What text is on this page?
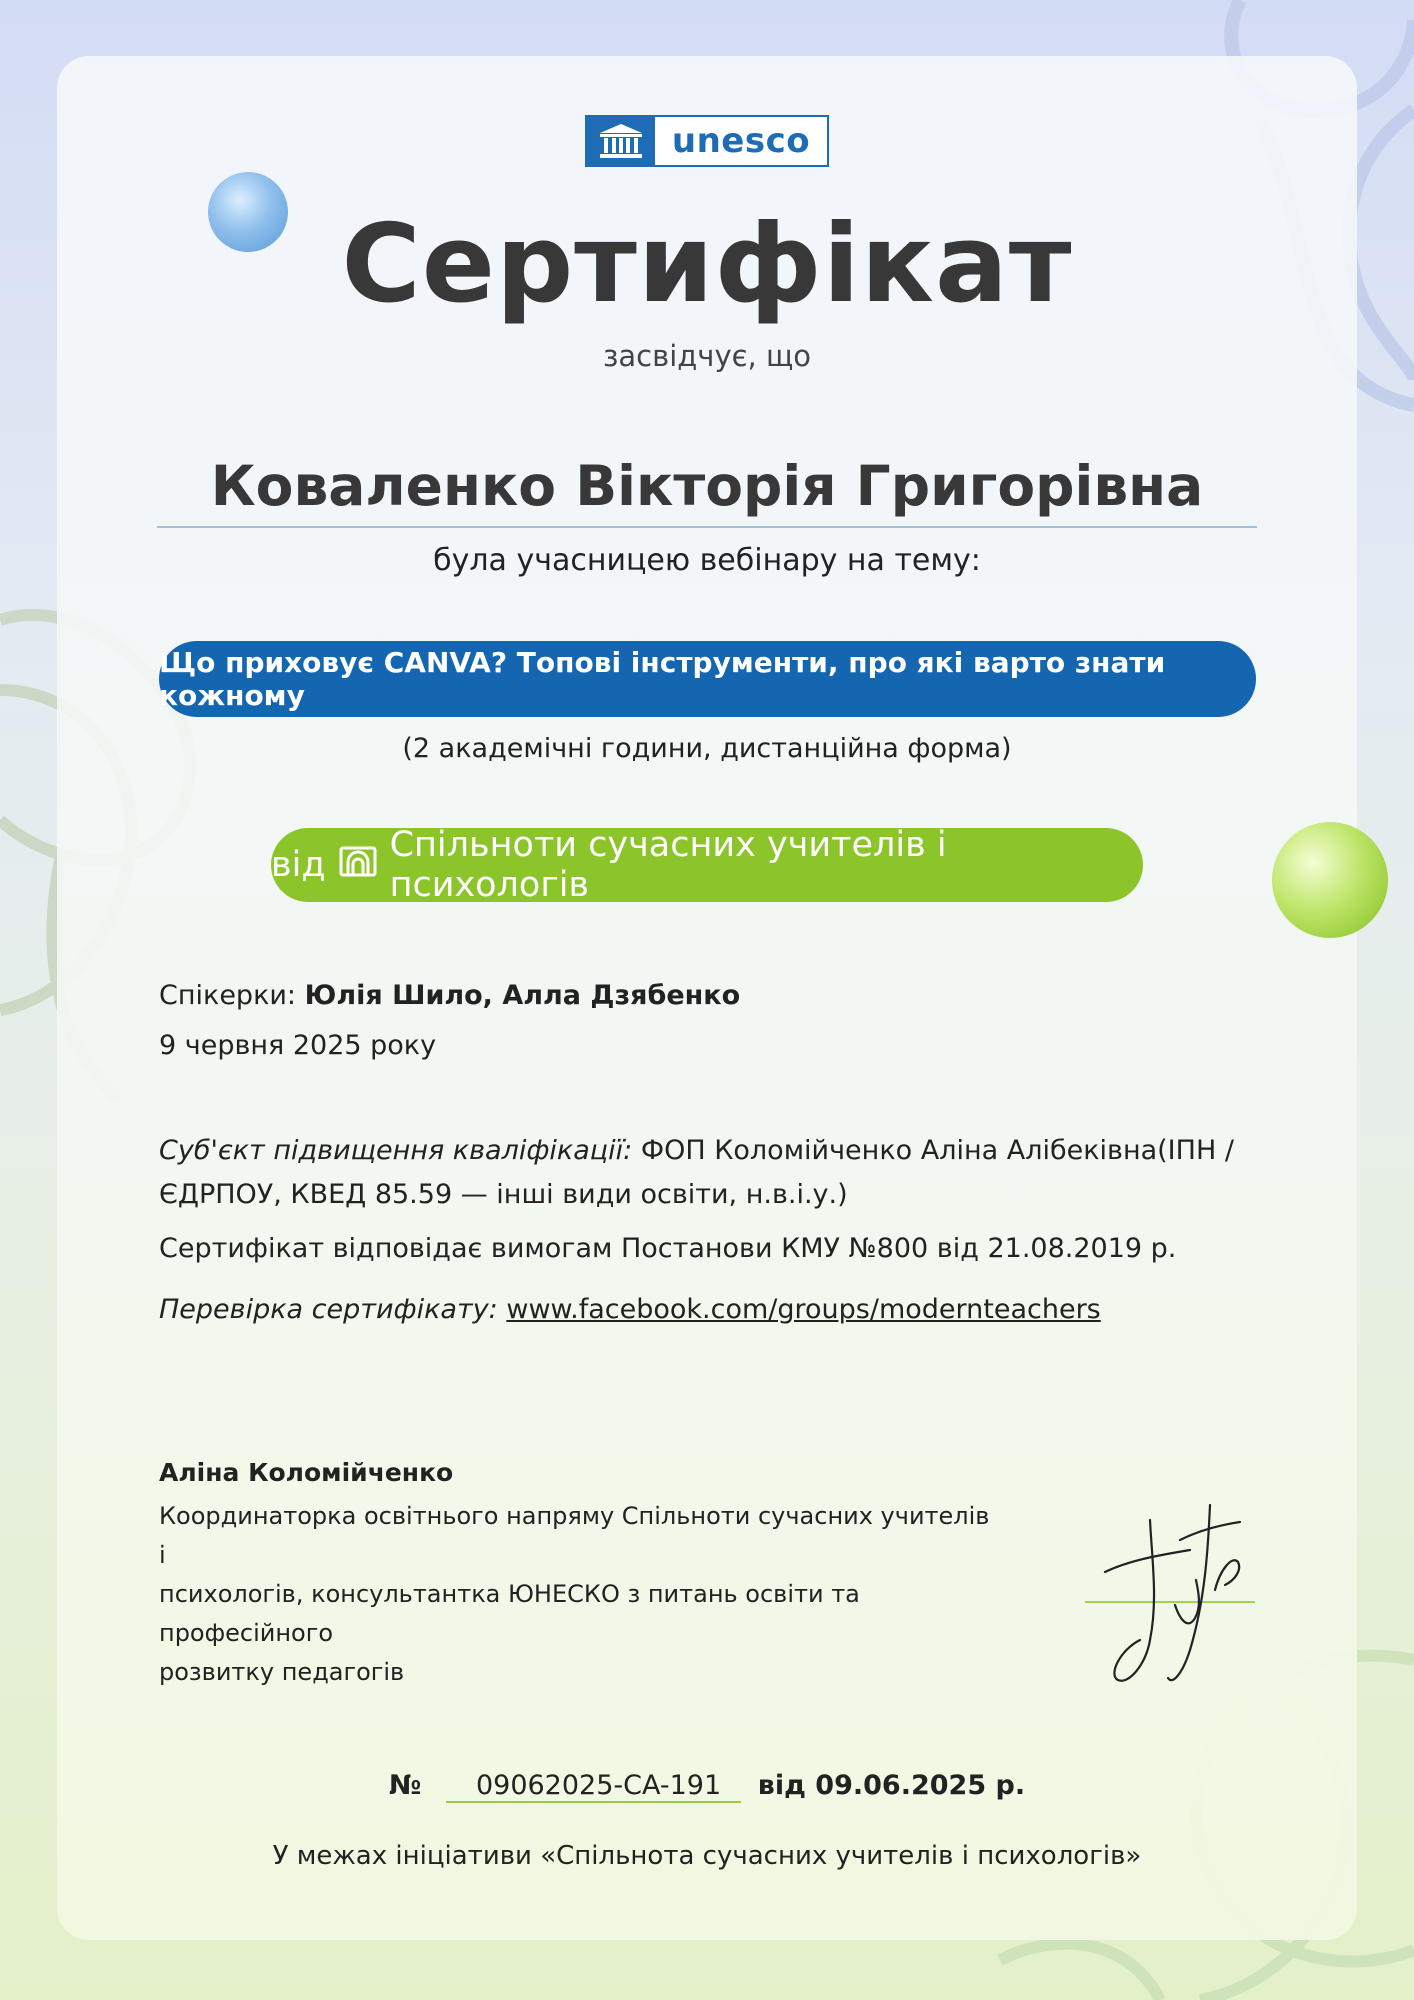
unesco
Сертифікат
засвідчує, що
Коваленко Вікторія Григорівна
була учасницею вебінару на тему:
Що приховує CANVA? Топові інструменти, про які варто знати кожному
(2 академічні години, дистанційна форма)
від Спільноти сучасних учителів і психологів
Спікерки: Юлія Шило, Алла Дзябенко
9 червня 2025 року
Суб'єкт підвищення кваліфікації: ФОП Коломійченко Аліна Алібеківна(ІПН /
ЄДРПОУ, КВЕД 85.59 — інші види освіти, н.в.і.у.)
Сертифікат відповідає вимогам Постанови КМУ №800 від 21.08.2019 р.
Перевірка сертифікату: www.facebook.com/groups/modernteachers
Аліна Коломійченко
Координаторка освітнього напряму Спільноти сучасних учителів і
психологів, консультантка ЮНЕСКО з питань освіти та професійного
розвитку педагогів
№ 09062025-CA-191 від 09.06.2025 р.
У межах ініціативи «Спільнота сучасних учителів і психологів»
